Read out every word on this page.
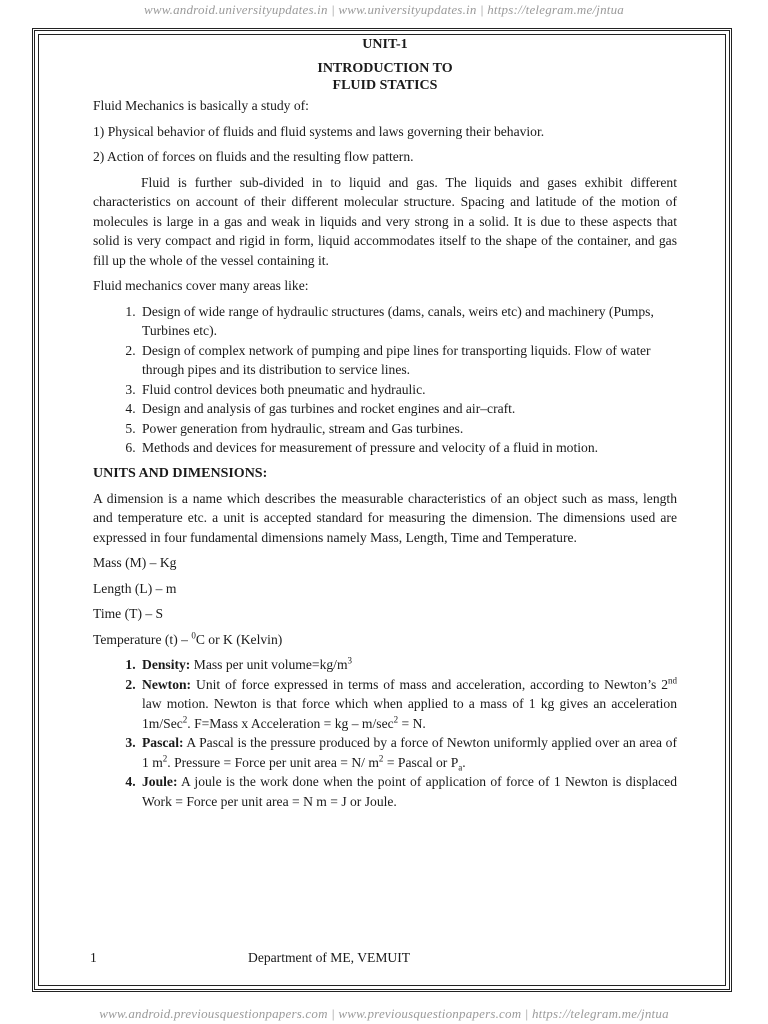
www.android.universityupdates.in | www.universityupdates.in | https://telegram.me/jntua
UNIT-1
INTRODUCTION TO
FLUID STATICS

Fluid Mechanics is basically a study of:

1) Physical behavior of fluids and fluid systems and laws governing their behavior.

2) Action of forces on fluids and the resulting flow pattern.

Fluid is further sub-divided in to liquid and gas. The liquids and gases exhibit different characteristics on account of their different molecular structure. Spacing and latitude of the motion of molecules is large in a gas and weak in liquids and very strong in a solid. It is due to these aspects that solid is very compact and rigid in form, liquid accommodates itself to the shape of the container, and gas fill up the whole of the vessel containing it.

Fluid mechanics cover many areas like:

1. Design of wide range of hydraulic structures (dams, canals, weirs etc) and machinery (Pumps, Turbines etc).
2. Design of complex network of pumping and pipe lines for transporting liquids. Flow of water through pipes and its distribution to service lines.
3. Fluid control devices both pneumatic and hydraulic.
4. Design and analysis of gas turbines and rocket engines and air–craft.
5. Power generation from hydraulic, stream and Gas turbines.
6. Methods and devices for measurement of pressure and velocity of a fluid in motion.
UNITS AND DIMENSIONS:

A dimension is a name which describes the measurable characteristics of an object such as mass, length and temperature etc. a unit is accepted standard for measuring the dimension. The dimensions used are expressed in four fundamental dimensions namely Mass, Length, Time and Temperature.

Mass (M) – Kg
Length (L) – m
Time (T) – S
Temperature (t) – $^0$C or K (Kelvin)
1. Density: Mass per unit $volume=kg/m^3$
2. Newton: Unit of force expressed in terms of mass and acceleration, according to Newton’s 2nd law motion. Newton is that force which when applied to a mass of 1 kg gives an acceleration 1m/Sec$^2$. F=Mass x Acceleration = kg – $m/\sec^2 = N$.
3. Pascal: A Pascal is the pressure produced by a force of Newton uniformly applied over an area of 1 $m^2$. Pressure = Force per unit area = N/ $m^2$ = Pascal or $P_a$.
4. Joule: A joule is the work done when the point of application of force of 1 Newton is displaced Work = Force per unit area = N m = J or Joule.
1	Department of ME, VEMUIT
www.android.previousquestionpapers.com | www.previousquestionpapers.com | https://telegram.me/jntua
